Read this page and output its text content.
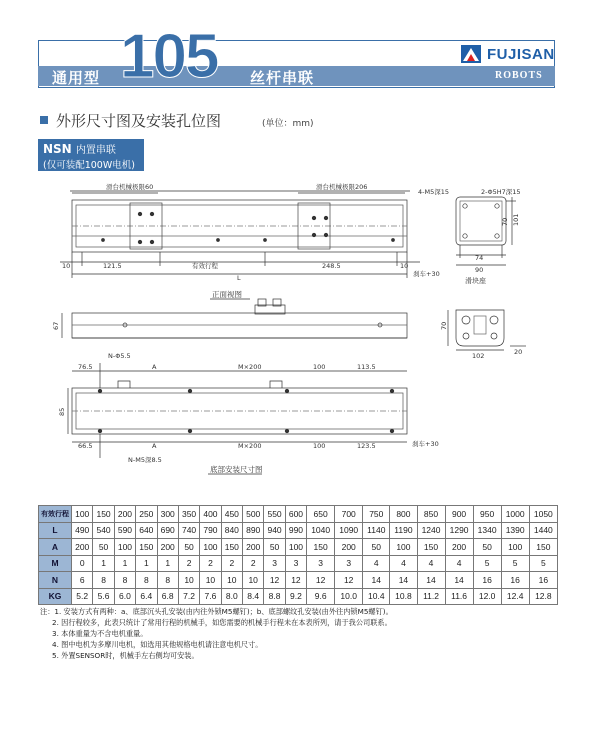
通用型 105 丝杆串联
FUJISAN
ROBOTS
外形尺寸图及安装孔位图	(单位：mm)
NSN 内置串联
(仅可装配100W电机)
滑台机械极限60	滑台机械极限206
10	121.5	有效行程	248.5	10
L	刹车+30
正面视图
4-M5深15	2-Φ5H7深15
74
90
70 101
滑块座
67	70
102	20
76.5
N-Φ5.5
A	M×200	100	113.5
85
66.5	A	M×200	100	123.5	刹车+30
N-M5深8.5
底部安装尺寸图
有效行程	100	150	200	250	300	350	400	450	500	550	600	650	700	750	800	850	900	950	1000	1050
L	490	540	590	640	690	740	790	840	890	940	990	1040	1090	1140	1190	1240	1290	1340	1390	1440
A	200	50	100	150	200	50	100	150	200	50	100	150	200	50	100	150	200	50	100	150
M	0	1	1	1	1	2	2	2	2	3	3	3	3	4	4	4	4	5	5	5
N	6	8	8	8	8	10	10	10	10	12	12	12	12	14	14	14	14	16	16	16
KG	5.2	5.6	6.0	6.4	6.8	7.2	7.6	8.0	8.4	8.8	9.2	9.6	10.0	10.4	10.8	11.2	11.6	12.0	12.4	12.8
注：1. 安装方式有两种：a、底部沉头孔安装(由内往外锁M5螺钉)；b、底部螺纹孔安装(由外往内锁M5螺钉)。
2. 因行程较多，此表只统计了常用行程的机械手，如您需要的机械手行程未在本表所列，请于我公司联系。
3. 本体重量为不含电机重量。
4. 图中电机为多摩川电机，如选用其他规格电机请注意电机尺寸。
5. 外置SENSOR时，机械手左右侧均可安装。
